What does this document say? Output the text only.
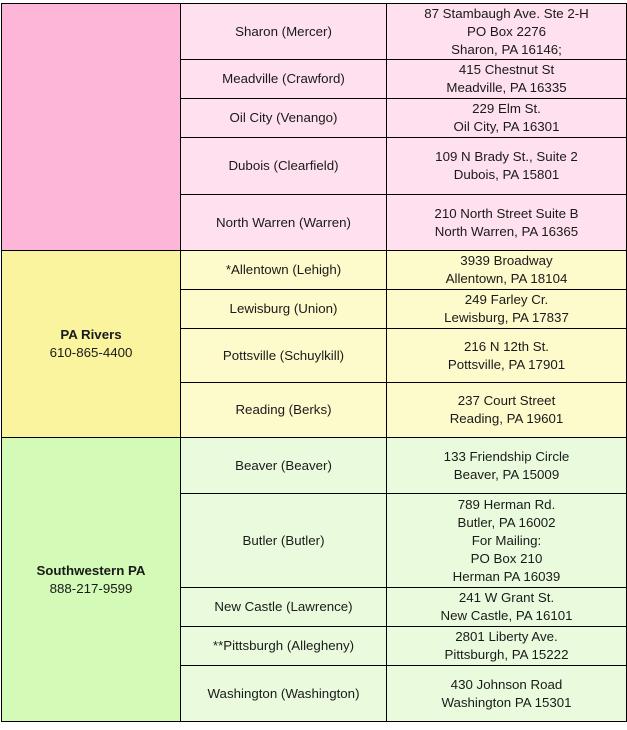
	Sharon (Mercer)	87 Stambaugh Ave. Ste 2-H
PO Box 2276
Sharon, PA 16146;

	Meadville (Crawford)	415 Chestnut St
Meadville, PA 16335

	Oil City (Venango)	229 Elm St.
Oil City, PA 16301

	Dubois (Clearfield)	109 N Brady St., Suite 2
Dubois, PA 15801

	North Warren (Warren)	210 North Street Suite B
North Warren, PA 16365

PA Rivers
610-865-4400	*Allentown (Lehigh)	3939 Broadway
Allentown, PA 18104

	Lewisburg (Union)	249 Farley Cr.
Lewisburg, PA 17837

	Pottsville (Schuylkill)	216 N 12th St.
Pottsville, PA 17901

	Reading (Berks)	237 Court Street
Reading, PA 19601

Southwestern PA
888-217-9599	Beaver (Beaver)	133 Friendship Circle
Beaver, PA 15009

	Butler (Butler)	789 Herman Rd.
Butler, PA 16002
For Mailing:
PO Box 210
Herman PA 16039

	New Castle (Lawrence)	241 W Grant St.
New Castle, PA 16101

	**Pittsburgh (Allegheny)	2801 Liberty Ave.
Pittsburgh, PA 15222

	Washington (Washington)	430 Johnson Road
Washington PA 15301
